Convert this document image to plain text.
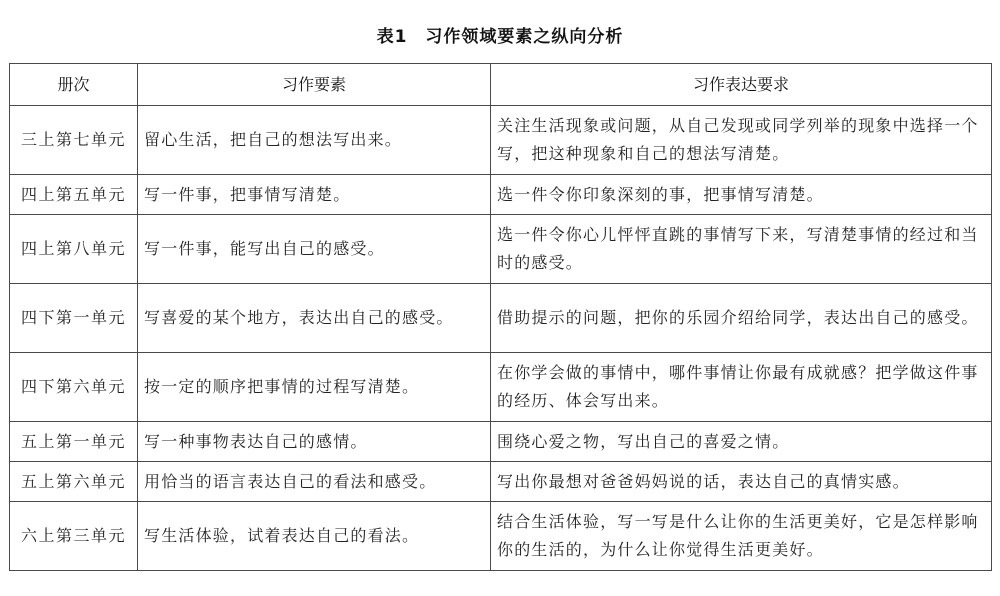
表1　习作领域要素之纵向分析
册次	习作要素	习作表达要求
三上第七单元	留心生活，把自己的想法写出来。	关注生活现象或问题，从自己发现或同学列举的现象中选择一个写，把这种现象和自己的想法写清楚。
四上第五单元	写一件事，把事情写清楚。	选一件令你印象深刻的事，把事情写清楚。
四上第八单元	写一件事，能写出自己的感受。	选一件令你心儿怦怦直跳的事情写下来，写清楚事情的经过和当时的感受。
四下第一单元	写喜爱的某个地方，表达出自己的感受。	借助提示的问题，把你的乐园介绍给同学，表达出自己的感受。
四下第六单元	按一定的顺序把事情的过程写清楚。	在你学会做的事情中，哪件事情让你最有成就感？把学做这件事的经历、体会写出来。
五上第一单元	写一种事物表达自己的感情。	围绕心爱之物，写出自己的喜爱之情。
五上第六单元	用恰当的语言表达自己的看法和感受。	写出你最想对爸爸妈妈说的话，表达自己的真情实感。
六上第三单元	写生活体验，试着表达自己的看法。	结合生活体验，写一写是什么让你的生活更美好，它是怎样影响你的生活的，为什么让你觉得生活更美好。
